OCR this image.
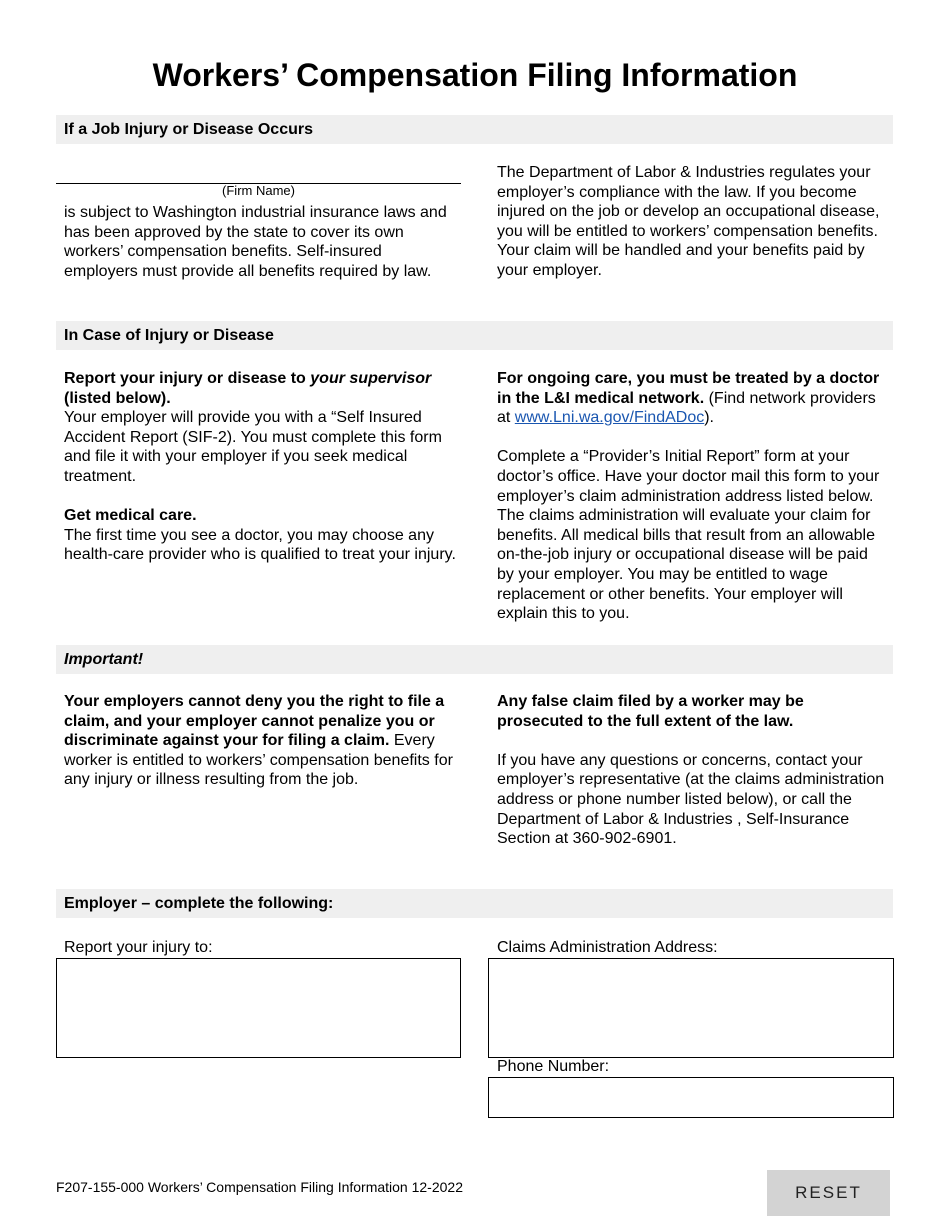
Workers’ Compensation Filing Information
If a Job Injury or Disease Occurs
(Firm Name)
is subject to Washington industrial insurance laws and has been approved by the state to cover its own workers’ compensation benefits. Self-insured employers must provide all benefits required by law.
The Department of Labor & Industries regulates your employer’s compliance with the law. If you become injured on the job or develop an occupational disease, you will be entitled to workers’ compensation benefits. Your claim will be handled and your benefits paid by your employer.
In Case of Injury or Disease

Report your injury or disease to your supervisor (listed below).

Your employer will provide you with a “Self Insured Accident Report (SIF-2). You must complete this form and file it with your employer if you seek medical treatment.

Get medical care.

The first time you see a doctor, you may choose any health-care provider who is qualified to treat your injury.

For ongoing care, you must be treated by a doctor in the L&I medical network. (Find network providers at www.Lni.wa.gov/FindADoc).

Complete a “Provider’s Initial Report” form at your doctor’s office. Have your doctor mail this form to your employer’s claim administration address listed below. The claims administration will evaluate your claim for benefits. All medical bills that result from an allowable on-the-job injury or occupational disease will be paid by your employer. You may be entitled to wage replacement or other benefits. Your employer will explain this to you.

Important!

Your employers cannot deny you the right to file a claim, and your employer cannot penalize you or discriminate against your for filing a claim. Every worker is entitled to workers’ compensation benefits for any injury or illness resulting from the job.

Any false claim filed by a worker may be prosecuted to the full extent of the law.

If you have any questions or concerns, contact your employer’s representative (at the claims administration address or phone number listed below), or call the Department of Labor & Industries , Self-Insurance Section at 360-902-6901.

Employer – complete the following:
Report your injury to:	Claims Administration Address:
Phone Number:
F207-155-000 Workers’ Compensation Filing Information 12-2022	RESET
